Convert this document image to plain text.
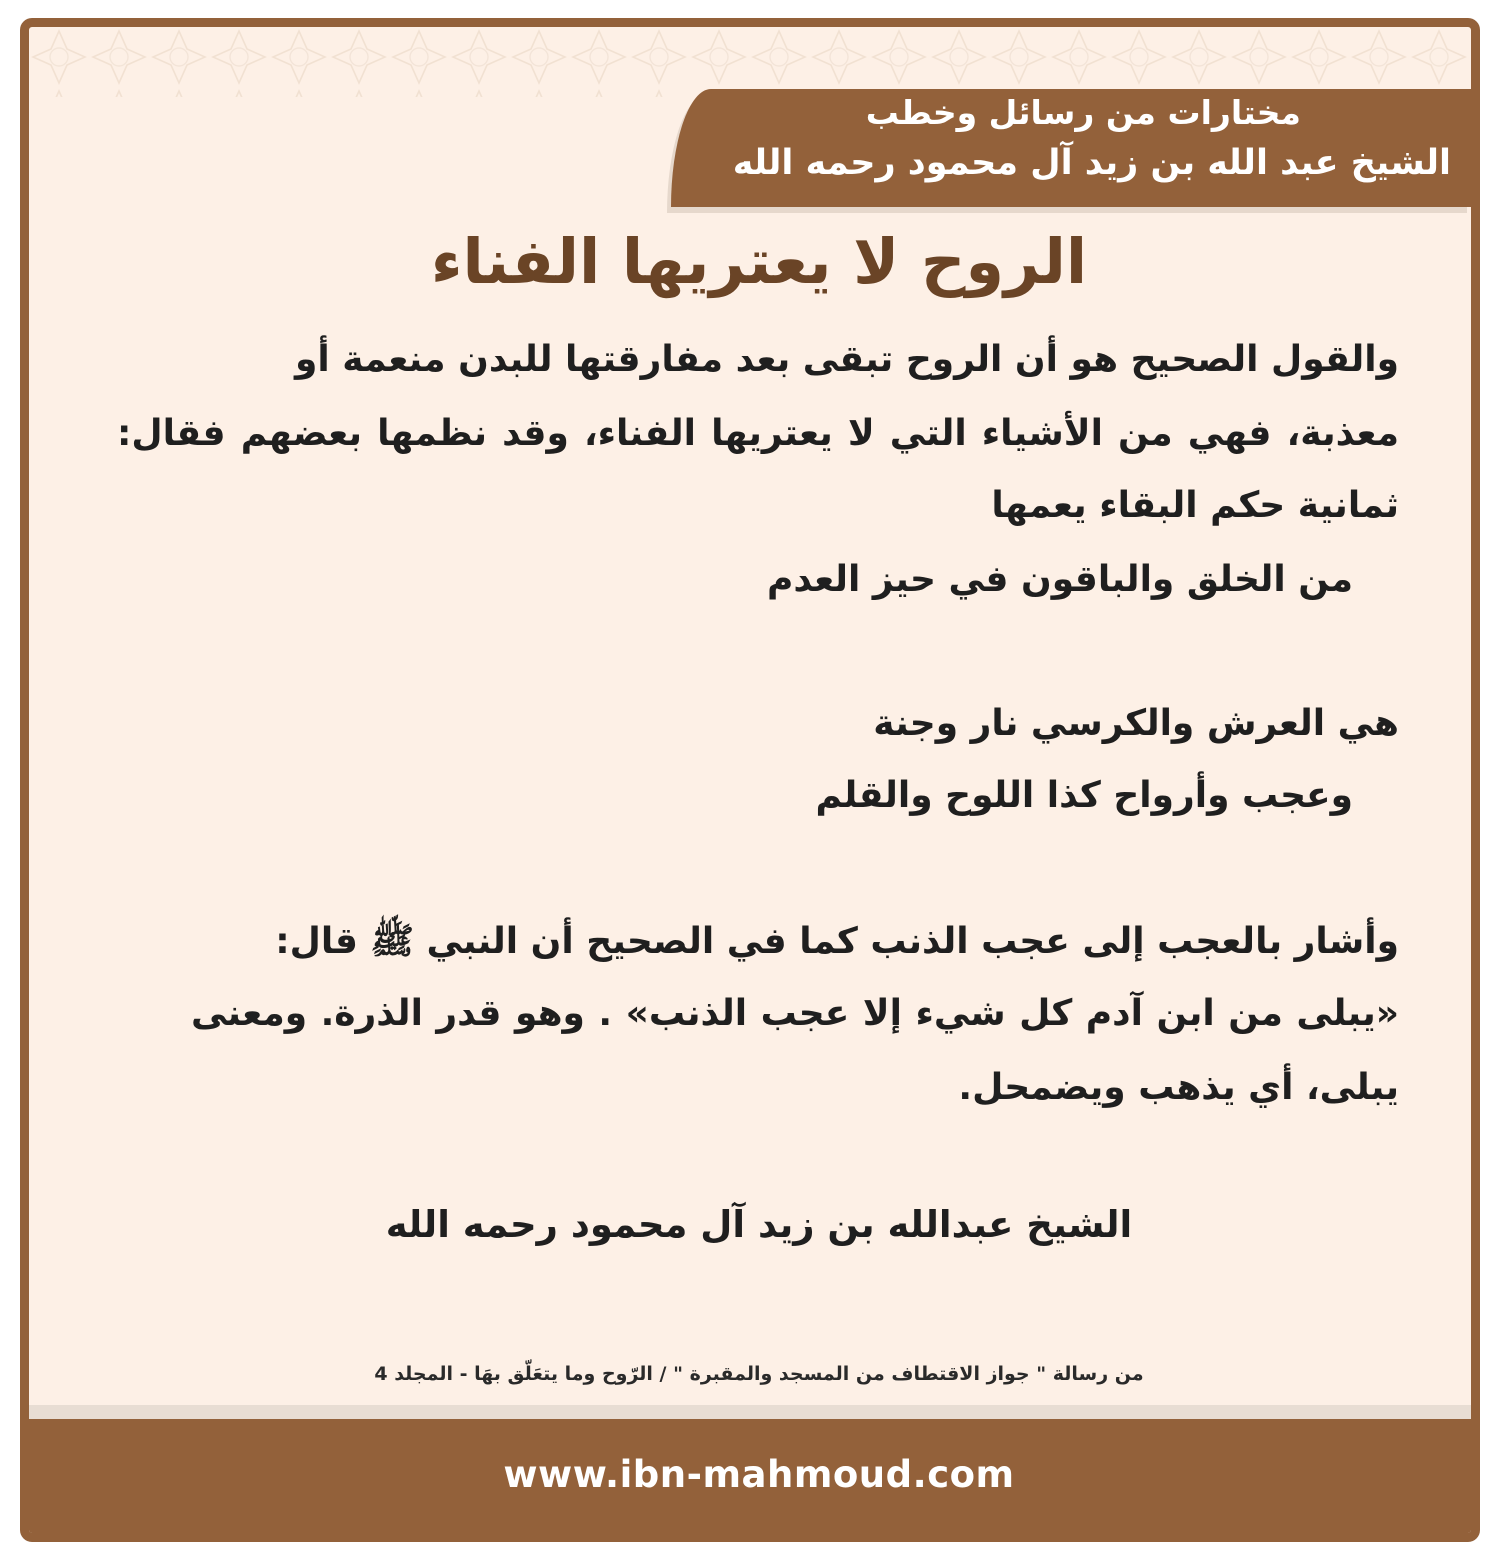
مختارات من رسائل وخطب
الشيخ عبد الله بن زيد آل محمود رحمه الله
الروح لا يعتريها الفناء
والقول الصحيح هو أن الروح تبقى بعد مفارقتها للبدن منعمة أو
معذبة، فهي من الأشياء التي لا يعتريها الفناء، وقد نظمها بعضهم فقال:
ثمانية حكم البقاء يعمها
من الخلق والباقون في حيز العدم
هي العرش والكرسي نار وجنة
وعجب وأرواح كذا اللوح والقلم
وأشار بالعجب إلى عجب الذنب كما في الصحيح أن النبي ﷺ قال:
«يبلى من ابن آدم كل شيء إلا عجب الذنب» . وهو قدر الذرة. ومعنى
يبلى، أي يذهب ويضمحل.
الشيخ عبدالله بن زيد آل محمود رحمه الله
من رسالة " جواز الاقتطاف من المسجد والمقبرة " / الرّوح وما يتعَلّق بهَا - المجلد 4
www.ibn-mahmoud.com
